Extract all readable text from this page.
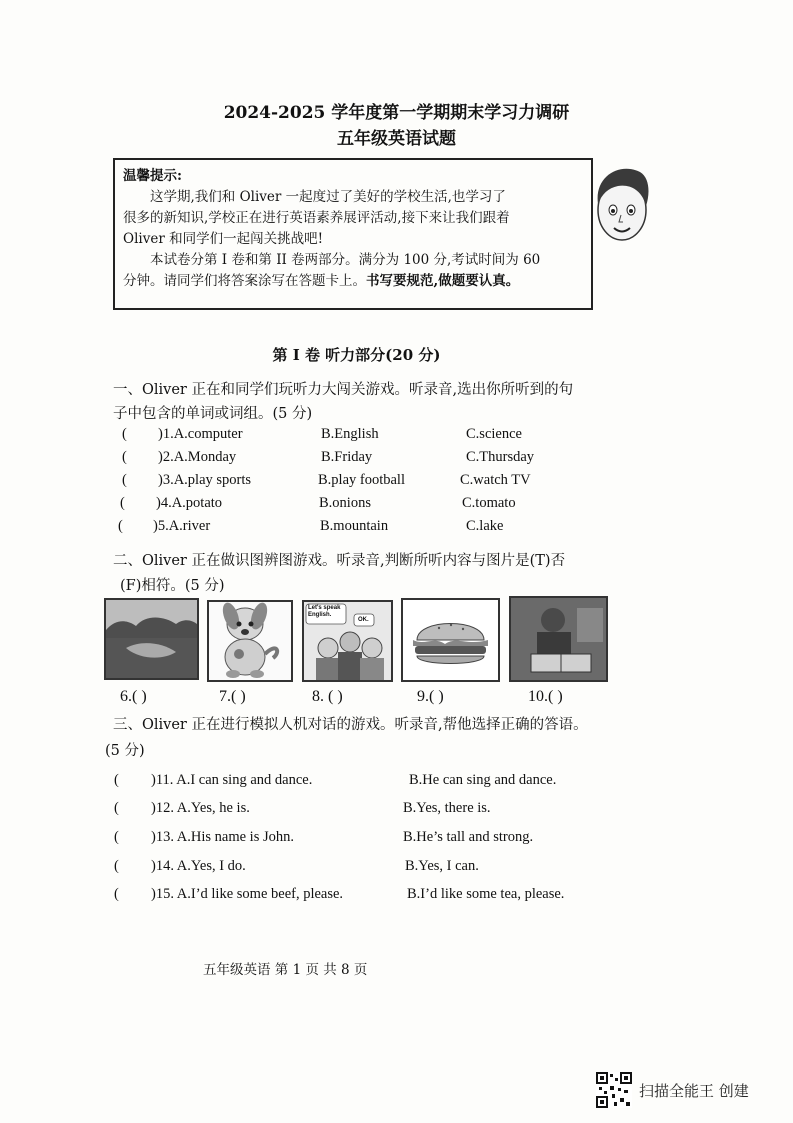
2024-2025 学年度第一学期期末学习力调研
五年级英语试题

温馨提示:

这学期,我们和 Oliver 一起度过了美好的学校生活,也学习了

很多的新知识,学校正在进行英语素养展评活动,接下来让我们跟着

Oliver 和同学们一起闯关挑战吧!

本试卷分第 I 卷和第 II 卷两部分。满分为 100 分,考试时间为 60

分钟。请同学们将答案涂写在答题卡上。书写要规范,做题要认真。

第 I 卷 听力部分(20 分)
一、Oliver 正在和同学们玩听力大闯关游戏。听录音,选出你所听到的句
子中包含的单词或词组。(5 分)
( )1.A.computer	B.English	C.science
( )2.A.Monday	B.Friday	C.Thursday
( )3.A.play sports	B.play football	C.watch TV
( )4.A.potato	B.onions	C.tomato
( )5.A.river	B.mountain	C.lake
二、Oliver 正在做识图辨图游戏。听录音,判断所听内容与图片是(T)否
(F)相符。(5 分)
Let's speak English.
OK.
6.( )	7.( )	8. ( )	9.( )	10.( )
三、Oliver 正在进行模拟人机对话的游戏。听录音,帮他选择正确的答语。
(5 分)
( )11. A.I can sing and dance.	B.He can sing and dance.
( )12. A.Yes, he is.	B.Yes, there is.
( )13. A.His name is John.	B.He’s tall and strong.
( )14. A.Yes, I do.	B.Yes, I can.
( )15. A.I’d like some beef, please.	B.I’d like some tea, please.
五年级英语 第 1 页 共 8 页
扫描全能王 创建
